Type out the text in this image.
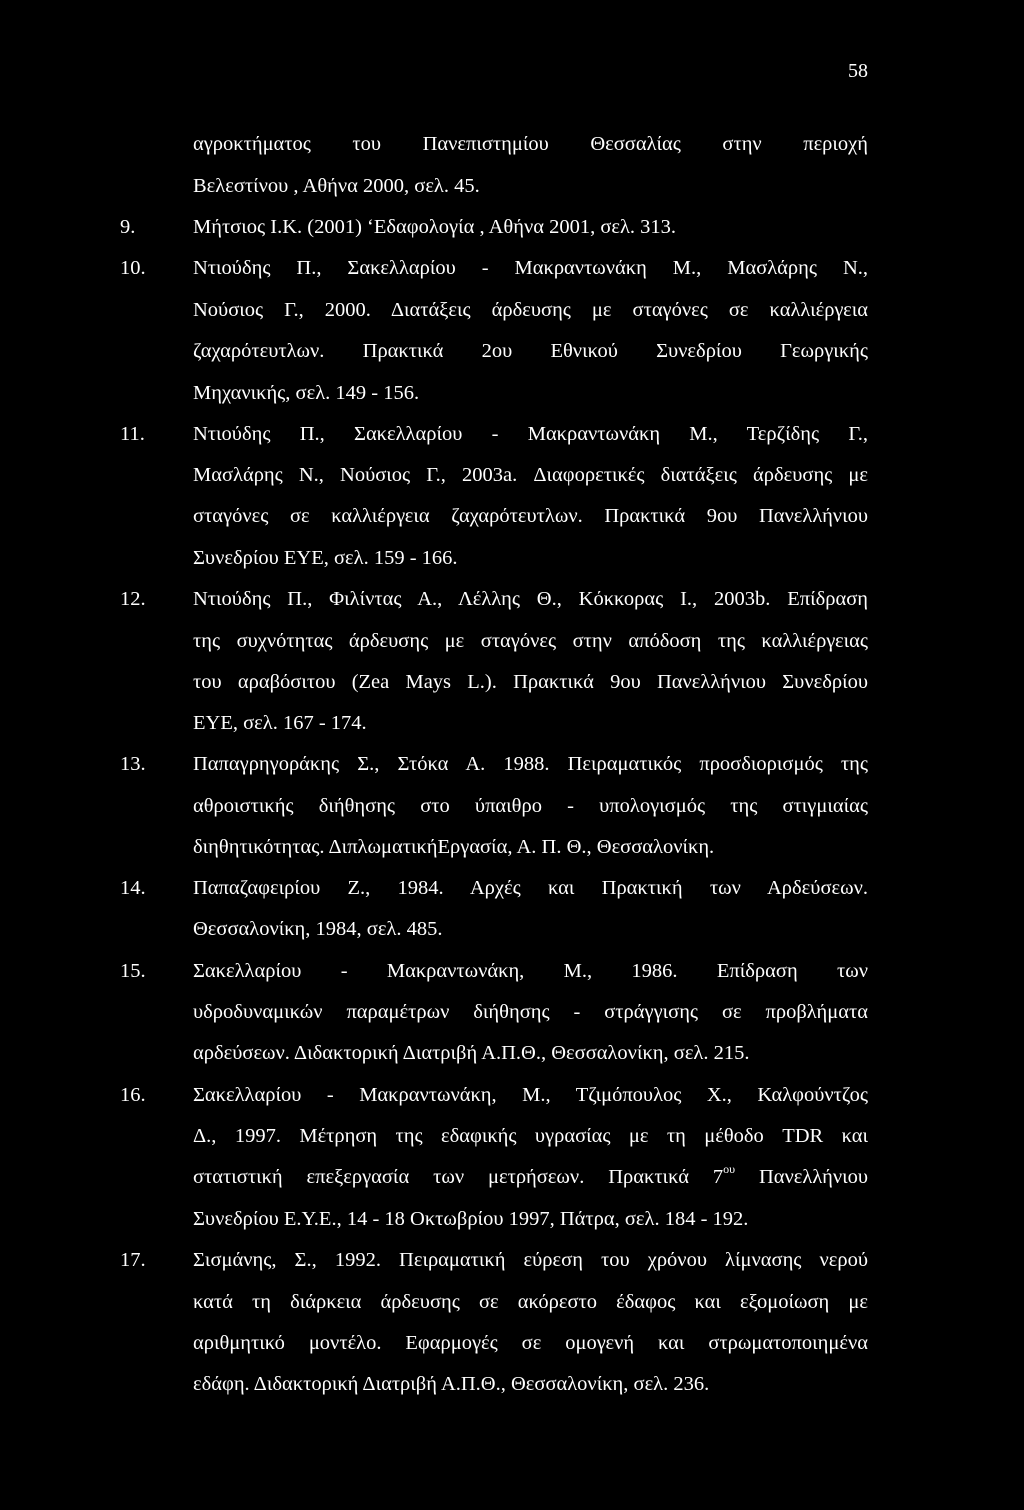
58
αγροκτήματος του Πανεπιστημίου Θεσσαλίας στην περιοχή
Βελεστίνου , Αθήνα 2000, σελ. 45.
9.	Μήτσιος Ι.Κ. (2001) ‘Εδαφολογία , Αθήνα 2001, σελ. 313.
10.	Ντιούδης Π., Σακελλαρίου - Μακραντωνάκη Μ., Μασλάρης Ν.,
Νούσιος Γ., 2000. Διατάξεις άρδευσης με σταγόνες σε καλλιέργεια
ζαχαρότευτλων. Πρακτικά 2ου Εθνικού Συνεδρίου Γεωργικής
Μηχανικής, σελ. 149 - 156.
11.	Ντιούδης Π., Σακελλαρίου - Μακραντωνάκη Μ., Τερζίδης Γ.,
Μασλάρης Ν., Νούσιος Γ., 2003a. Διαφορετικές διατάξεις άρδευσης με
σταγόνες σε καλλιέργεια ζαχαρότευτλων. Πρακτικά 9ου Πανελλήνιου
Συνεδρίου ΕΥΕ, σελ. 159 - 166.
12.	Ντιούδης Π., Φιλίντας Α., Λέλλης Θ., Κόκκορας Ι., 2003b. Επίδραση
της συχνότητας άρδευσης με σταγόνες στην απόδοση της καλλιέργειας
του αραβόσιτου (Zea Mays L.). Πρακτικά 9ου Πανελλήνιου Συνεδρίου
ΕΥΕ, σελ. 167 - 174.
13.	Παπαγρηγοράκης Σ., Στόκα Α. 1988. Πειραματικός προσδιορισμός της
αθροιστικής διήθησης στο ύπαιθρο - υπολογισμός της στιγμιαίας
διηθητικότητας. ΔιπλωματικήΕργασία, Α. Π. Θ., Θεσσαλονίκη.
14.	Παπαζαφειρίου Ζ., 1984. Αρχές και Πρακτική των Αρδεύσεων.
Θεσσαλονίκη, 1984, σελ. 485.
15.	Σακελλαρίου - Μακραντωνάκη, Μ., 1986. Επίδραση των
υδροδυναμικών παραμέτρων διήθησης - στράγγισης σε προβλήματα
αρδεύσεων. Διδακτορική Διατριβή Α.Π.Θ., Θεσσαλονίκη, σελ. 215.
16.	Σακελλαρίου - Μακραντωνάκη, Μ., Τζιμόπουλος Χ., Καλφούντζος
Δ., 1997. Μέτρηση της εδαφικής υγρασίας με τη μέθοδο TDR και
στατιστική επεξεργασία των μετρήσεων. Πρακτικά $7^{o\upsilon}$ Πανελλήνιου
Συνεδρίου Ε.Υ.Ε., 14 - 18 Οκτωβρίου 1997, Πάτρα, σελ. 184 - 192.
17.	Σισμάνης, Σ., 1992. Πειραματική εύρεση του χρόνου λίμνασης νερού
κατά τη διάρκεια άρδευσης σε ακόρεστο έδαφος και εξομοίωση με
αριθμητικό μοντέλο. Εφαρμογές σε ομογενή και στρωματοποιημένα
εδάφη. Διδακτορική Διατριβή Α.Π.Θ., Θεσσαλονίκη, σελ. 236.
